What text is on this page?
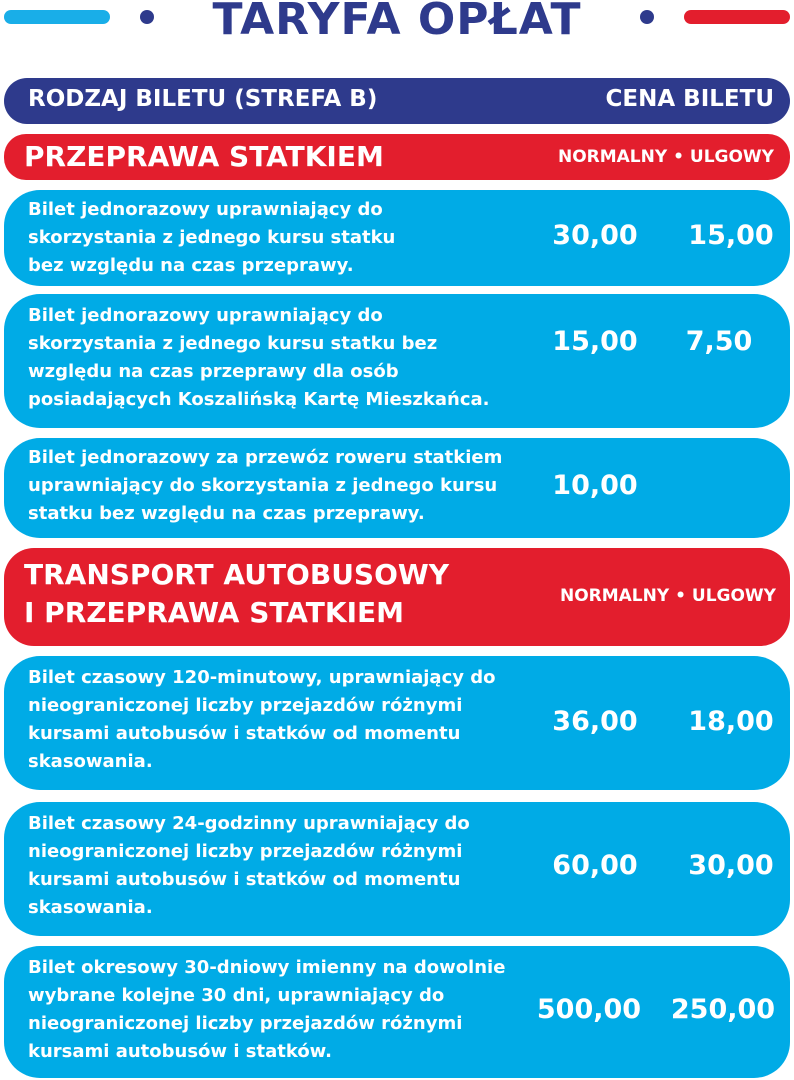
TARYFA OPŁAT
RODZAJ BILETU (STREFA B)	CENA BILETU
PRZEPRAWA STATKIEM	NORMALNY • ULGOWY
Bilet jednorazowy uprawniający do
skorzystania z jednego kursu statku
bez względu na czas przeprawy.
30,00	15,00
Bilet jednorazowy uprawniający do
skorzystania z jednego kursu statku bez
względu na czas przeprawy dla osób
posiadających Koszalińską Kartę Mieszkańca.
15,00	7,50
Bilet jednorazowy za przewóz roweru statkiem
uprawniający do skorzystania z jednego kursu
statku bez względu na czas przeprawy.
10,00
TRANSPORT AUTOBUSOWY
I PRZEPRAWA STATKIEM	NORMALNY • ULGOWY
Bilet czasowy 120-minutowy, uprawniający do
nieograniczonej liczby przejazdów różnymi
kursami autobusów i statków od momentu
skasowania.
36,00	18,00
Bilet czasowy 24-godzinny uprawniający do
nieograniczonej liczby przejazdów różnymi
kursami autobusów i statków od momentu
skasowania.
60,00	30,00
Bilet okresowy 30-dniowy imienny na dowolnie
wybrane kolejne 30 dni, uprawniający do
nieograniczonej liczby przejazdów różnymi
kursami autobusów i statków.
500,00	250,00
